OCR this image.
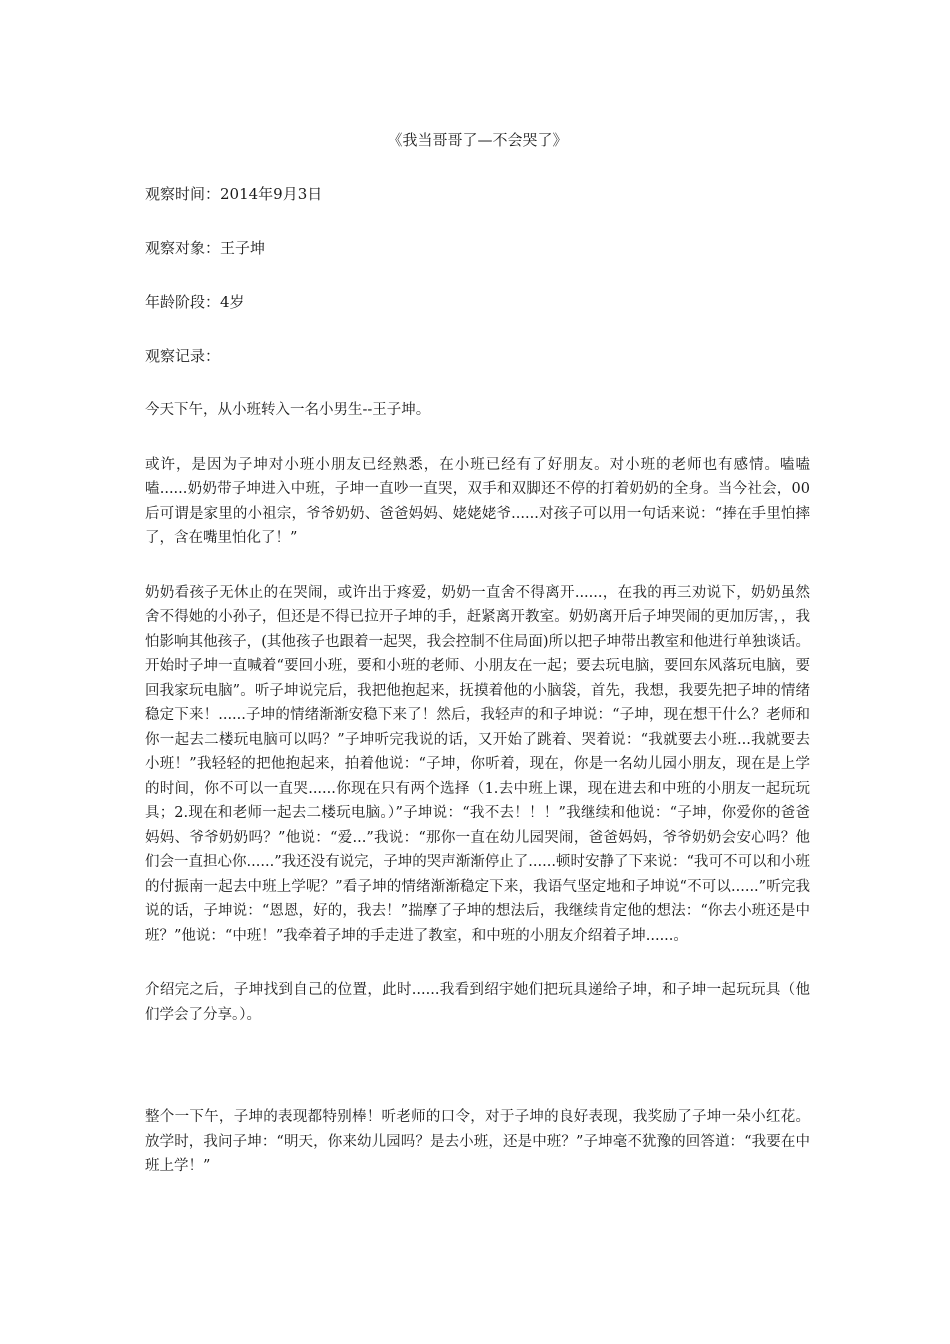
《我当哥哥了—不会哭了》
观察时间：2014年9月3日
观察对象：王子坤
年龄阶段：4岁
观察记录：
今天下午，从小班转入一名小男生--王子坤。
或许，是因为子坤对小班小朋友已经熟悉，在小班已经有了好朋友。对小班的老师也有感情。嗑嗑嗑......奶奶带子坤进入中班，子坤一直吵一直哭，双手和双脚还不停的打着奶奶的全身。当今社会，00后可谓是家里的小祖宗，爷爷奶奶、爸爸妈妈、姥姥姥爷......对孩子可以用一句话来说：“捧在手里怕摔了，含在嘴里怕化了！”
奶奶看孩子无休止的在哭闹，或许出于疼爱，奶奶一直舍不得离开......，在我的再三劝说下，奶奶虽然舍不得她的小孙子，但还是不得已拉开子坤的手，赶紧离开教室。奶奶离开后子坤哭闹的更加厉害，，我怕影响其他孩子，(其他孩子也跟着一起哭，我会控制不住局面)所以把子坤带出教室和他进行单独谈话。开始时子坤一直喊着“要回小班，要和小班的老师、小朋友在一起；要去玩电脑，要回东风落玩电脑，要回我家玩电脑”。听子坤说完后，我把他抱起来，抚摸着他的小脑袋，首先，我想，我要先把子坤的情绪稳定下来！......子坤的情绪渐渐安稳下来了！然后，我轻声的和子坤说：“子坤，现在想干什么？老师和你一起去二楼玩电脑可以吗？”子坤听完我说的话，又开始了跳着、哭着说：“我就要去小班...我就要去小班！”我轻轻的把他抱起来，拍着他说：“子坤，你听着，现在，你是一名幼儿园小朋友，现在是上学的时间，你不可以一直哭......你现在只有两个选择（1.去中班上课，现在进去和中班的小朋友一起玩玩具；2.现在和老师一起去二楼玩电脑。）”子坤说：“我不去！！！”我继续和他说：“子坤，你爱你的爸爸妈妈、爷爷奶奶吗？”他说：“爱...”我说：“那你一直在幼儿园哭闹，爸爸妈妈，爷爷奶奶会安心吗？他们会一直担心你......”我还没有说完，子坤的哭声渐渐停止了......顿时安静了下来说：“我可不可以和小班的付振南一起去中班上学呢？”看子坤的情绪渐渐稳定下来，我语气坚定地和子坤说“不可以......”听完我说的话，子坤说：“恩恩，好的，我去！”揣摩了子坤的想法后，我继续肯定他的想法：“你去小班还是中班？”他说：“中班！”我牵着子坤的手走进了教室，和中班的小朋友介绍着子坤......。
介绍完之后，子坤找到自己的位置，此时......我看到绍宇她们把玩具递给子坤，和子坤一起玩玩具（他们学会了分享。）。
整个一下午，子坤的表现都特别棒！听老师的口令，对于子坤的良好表现，我奖励了子坤一朵小红花。放学时，我问子坤：“明天，你来幼儿园吗？是去小班，还是中班？”子坤毫不犹豫的回答道：“我要在中班上学！”
